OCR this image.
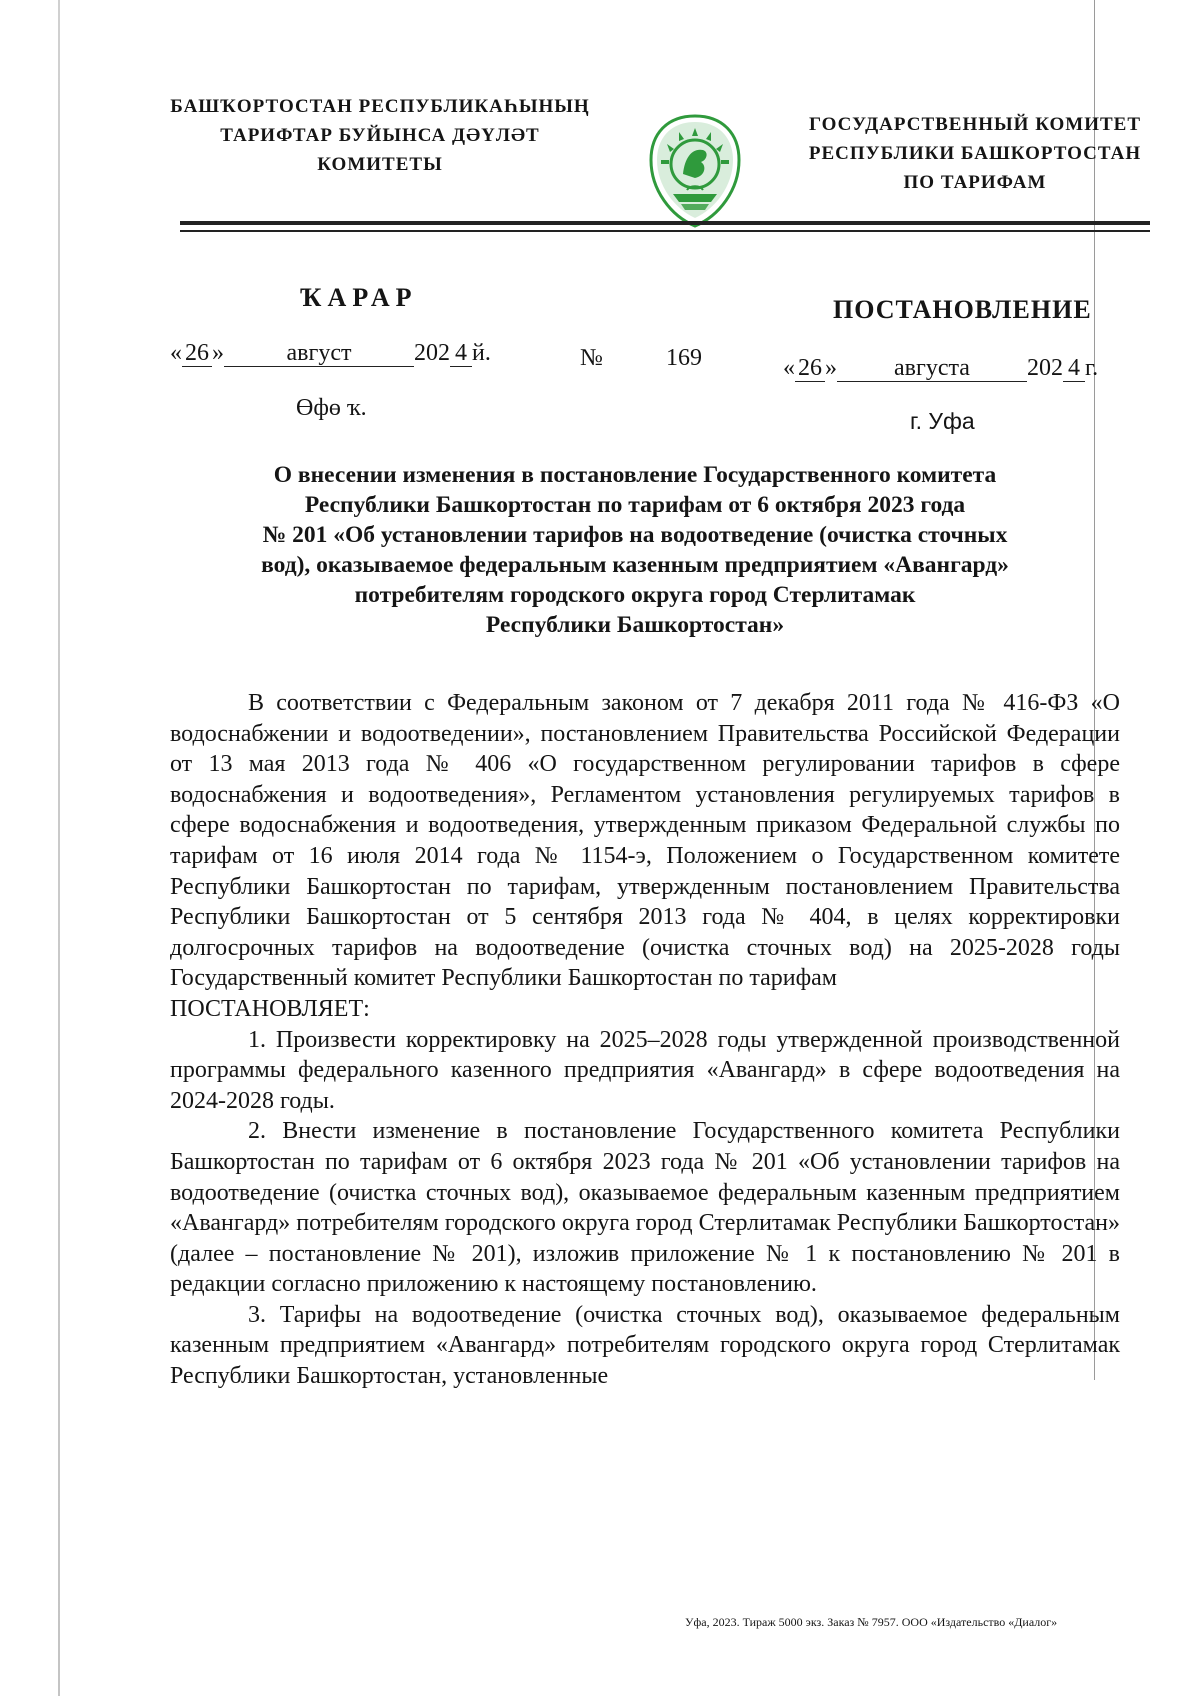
БАШҠОРТОСТАН РЕСПУБЛИКАҺЫНЫҢ
ТАРИФТАР БУЙЫНСА ДӘҮЛӘТ
КОМИТЕТЫ
ГОСУДАРСТВЕННЫЙ КОМИТЕТ
РЕСПУБЛИКИ БАШКОРТОСТАН
ПО ТАРИФАМ
ҠАРАР	ПОСТАНОВЛЕНИЕ
« 26 »	август	202 4 й.	№	169	« 26 » августа 202 4 г.
Өфө ҡ.	г. Уфа
О внесении изменения в постановление Государственного комитета
Республики Башкортостан по тарифам от 6 октября 2023 года
№ 201 «Об установлении тарифов на водоотведение (очистка сточных
вод), оказываемое федеральным казенным предприятием «Авангард»
потребителям городского округа город Стерлитамак
Республики Башкортостан»

В соответствии с Федеральным законом от 7 декабря 2011 года № 416-ФЗ «О водоснабжении и водоотведении», постановлением Правительства Российской Федерации от 13 мая 2013 года № 406 «О государственном регулировании тарифов в сфере водоснабжения и водоотведения», Регламентом установления регулируемых тарифов в сфере водоснабжения и водоотведения, утвержденным приказом Федеральной службы по тарифам от 16 июля 2014 года № 1154-э, Положением о Государственном комитете Республики Башкортостан по тарифам, утвержденным постановлением Правительства Республики Башкортостан от 5 сентября 2013 года № 404, в целях корректировки долгосрочных тарифов на водоотведение (очистка сточных вод) на 2025-2028 годы Государственный комитет Республики Башкортостан по тарифам

ПОСТАНОВЛЯЕТ:

1. Произвести корректировку на 2025–2028 годы утвержденной производственной программы федерального казенного предприятия «Авангард» в сфере водоотведения на 2024-2028 годы.

2. Внести изменение в постановление Государственного комитета Республики Башкортостан по тарифам от 6 октября 2023 года № 201 «Об установлении тарифов на водоотведение (очистка сточных вод), оказываемое федеральным казенным предприятием «Авангард» потребителям городского округа город Стерлитамак Республики Башкортостан» (далее – постановление № 201), изложив приложение № 1 к постановлению № 201 в редакции согласно приложению к настоящему постановлению.

3. Тарифы на водоотведение (очистка сточных вод), оказываемое федеральным казенным предприятием «Авангард» потребителям городского округа город Стерлитамак Республики Башкортостан, установленные

Уфа, 2023. Тираж 5000 экз. Заказ № 7957. ООО «Издательство «Диалог»
